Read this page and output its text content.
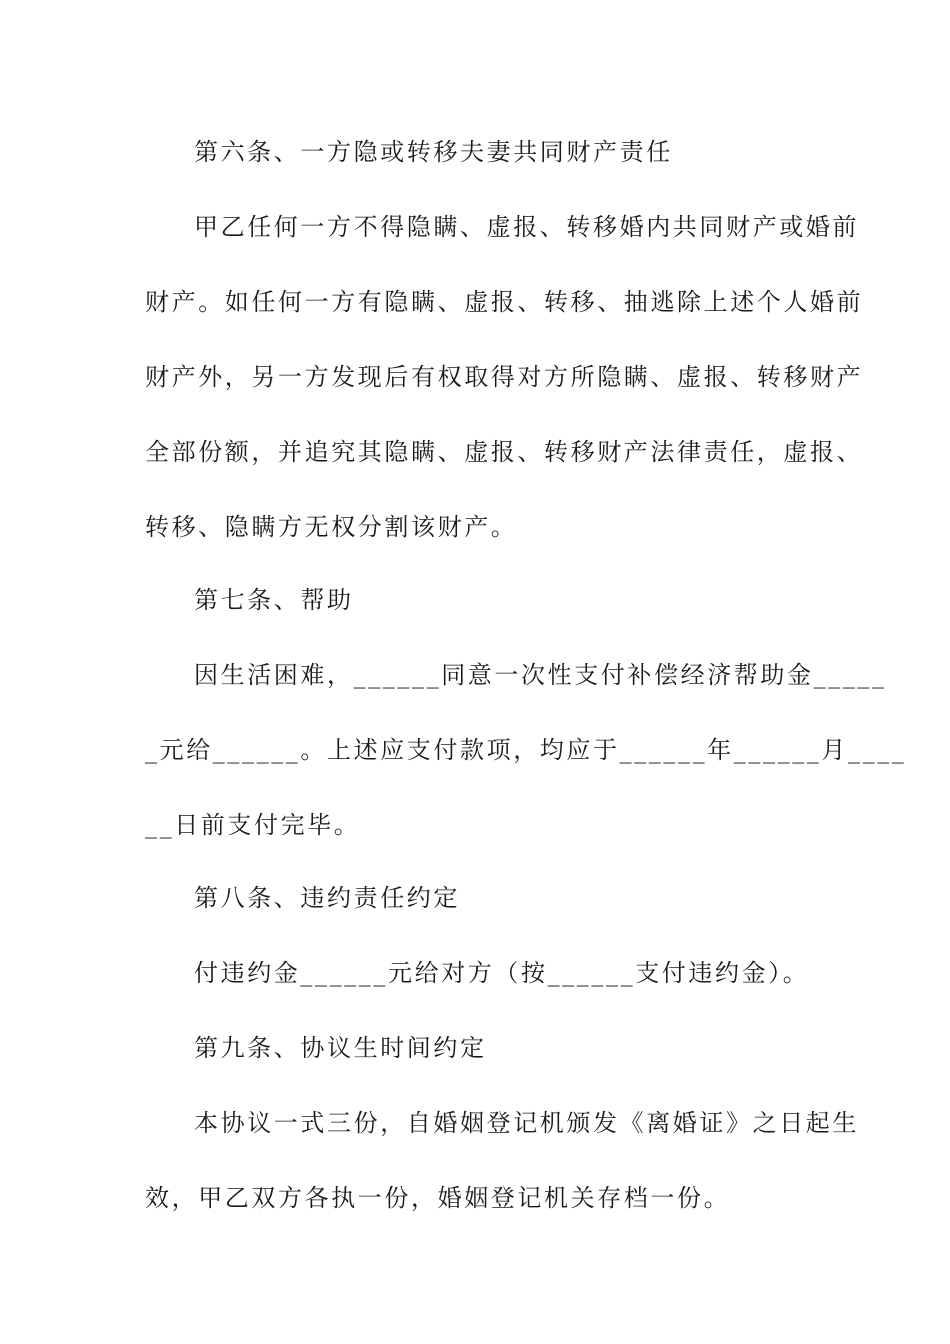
第六条、一方隐或转移夫妻共同财产责任
甲乙任何一方不得隐瞒、虚报、转移婚内共同财产或婚前
财产。如任何一方有隐瞒、虚报、转移、抽逃除上述个人婚前
财产外，另一方发现后有权取得对方所隐瞒、虚报、转移财产
全部份额，并追究其隐瞒、虚报、转移财产法律责任，虚报、
转移、隐瞒方无权分割该财产。
第七条、帮助
因生活困难，______同意一次性支付补偿经济帮助金_____
_元给______。上述应支付款项，均应于______年______月____
__日前支付完毕。
第八条、违约责任约定
付违约金______元给对方（按______支付违约金）。
第九条、协议生时间约定
本协议一式三份，自婚姻登记机颁发《离婚证》之日起生
效，甲乙双方各执一份，婚姻登记机关存档一份。
